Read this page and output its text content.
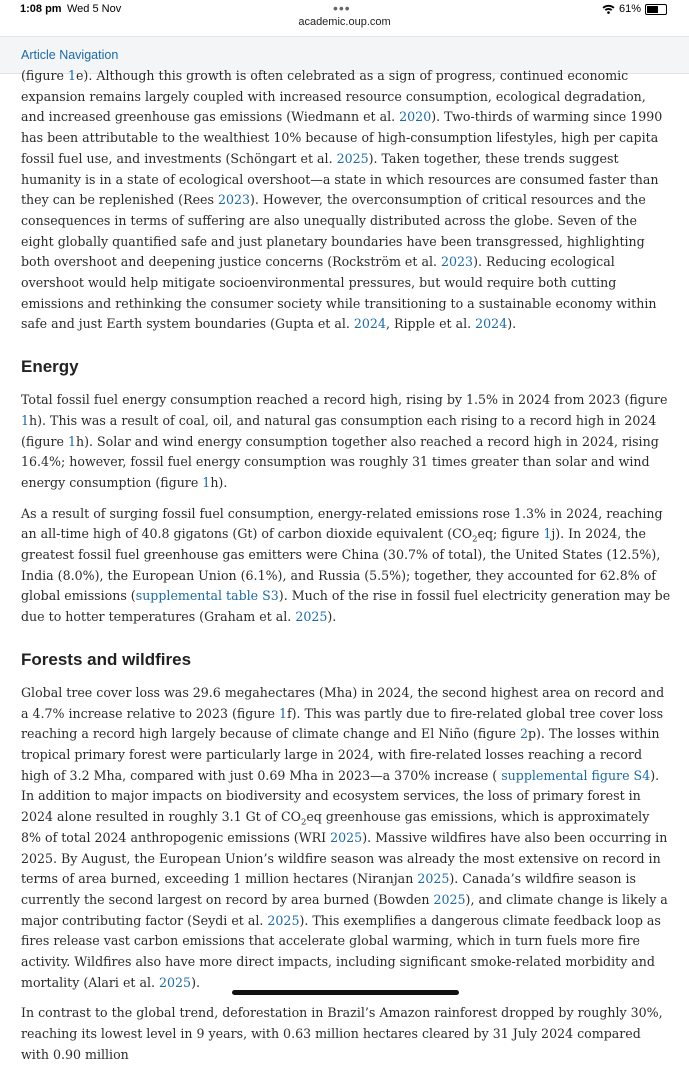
1:08 pm Wed 5 Nov	•••	61%
academic.oup.com
Article Navigation

(figure 1e). Although this growth is often celebrated as a sign of progress, continued economic expansion remains largely coupled with increased resource consumption, ecological degradation, and increased greenhouse gas emissions (Wiedmann et al. 2020). Two-thirds of warming since 1990 has been attributable to the wealthiest 10% because of high-consumption lifestyles, high per capita fossil fuel use, and investments (Schöngart et al. 2025). Taken together, these trends suggest humanity is in a state of ecological overshoot—a state in which resources are consumed faster than they can be replenished (Rees 2023). However, the overconsumption of critical resources and the consequences in terms of suffering are also unequally distributed across the globe. Seven of the eight globally quantified safe and just planetary boundaries have been transgressed, highlighting both overshoot and deepening justice concerns (Rockström et al. 2023). Reducing ecological overshoot would help mitigate socioenvironmental pressures, but would require both cutting emissions and rethinking the consumer society while transitioning to a sustainable economy within safe and just Earth system boundaries (Gupta et al. 2024, Ripple et al. 2024).

Energy

Total fossil fuel energy consumption reached a record high, rising by 1.5% in 2024 from 2023 (figure 1h). This was a result of coal, oil, and natural gas consumption each rising to a record high in 2024 (figure 1h). Solar and wind energy consumption together also reached a record high in 2024, rising 16.4%; however, fossil fuel energy consumption was roughly 31 times greater than solar and wind energy consumption (figure 1h).

As a result of surging fossil fuel consumption, energy-related emissions rose 1.3% in 2024, reaching an all-time high of 40.8 gigatons (Gt) of carbon dioxide equivalent ($CO_2eq$; figure 1j). In 2024, the greatest fossil fuel greenhouse gas emitters were China (30.7% of total), the United States (12.5%), India (8.0%), the European Union (6.1%), and Russia (5.5%); together, they accounted for 62.8% of global emissions (supplemental table S3). Much of the rise in fossil fuel electricity generation may be due to hotter temperatures (Graham et al. 2025).

Forests and wildfires

Global tree cover loss was 29.6 megahectares (Mha) in 2024, the second highest area on record and a 4.7% increase relative to 2023 (figure 1f). This was partly due to fire-related global tree cover loss reaching a record high largely because of climate change and El Niño (figure 2p). The losses within tropical primary forest were particularly large in 2024, with fire-related losses reaching a record high of 3.2 Mha, compared with just 0.69 Mha in 2023—a 370% increase ( supplemental figure S4). In addition to major impacts on biodiversity and ecosystem services, the loss of primary forest in 2024 alone resulted in roughly 3.1 Gt of $CO_2eq$ greenhouse gas emissions, which is approximately 8% of total 2024 anthropogenic emissions (WRI 2025). Massive wildfires have also been occurring in 2025. By August, the European Union’s wildfire season was already the most extensive on record in terms of area burned, exceeding 1 million hectares (Niranjan 2025). Canada’s wildfire season is currently the second largest on record by area burned (Bowden 2025), and climate change is likely a major contributing factor (Seydi et al. 2025). This exemplifies a dangerous climate feedback loop as fires release vast carbon emissions that accelerate global warming, which in turn fuels more fire activity. Wildfires also have more direct impacts, including significant smoke-related morbidity and mortality (Alari et al. 2025).

In contrast to the global trend, deforestation in Brazil’s Amazon rainforest dropped by roughly 30%, reaching its lowest level in 9 years, with 0.63 million hectares cleared by 31 July 2024 compared with 0.90 million
